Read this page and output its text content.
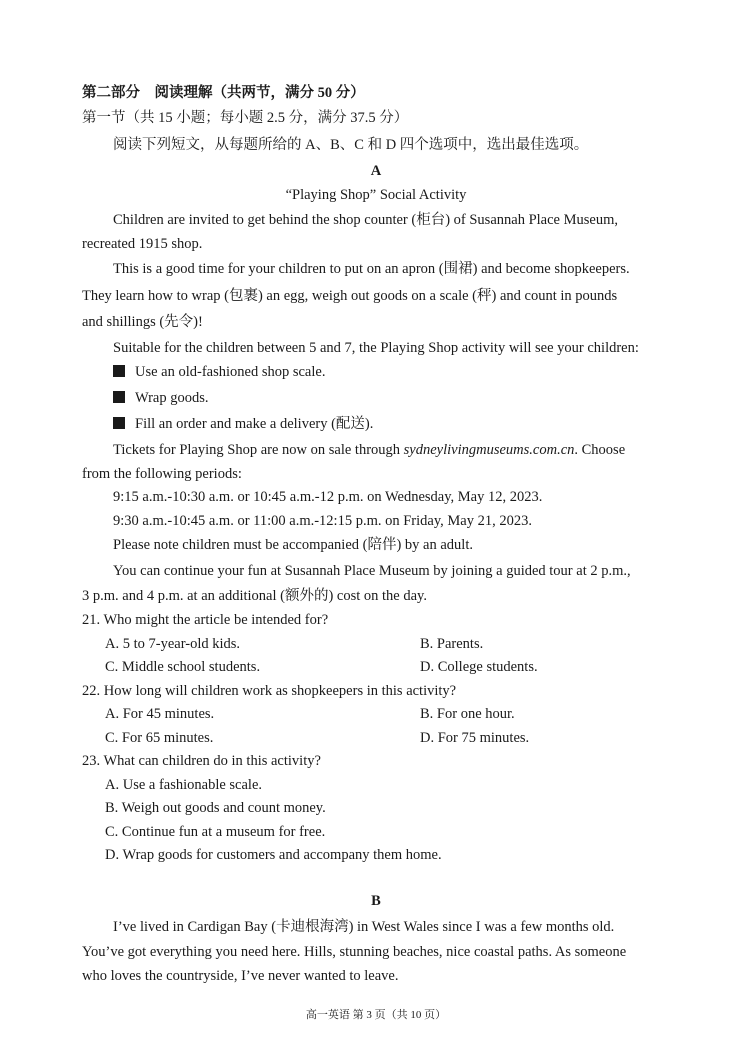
第二部分　阅读理解（共两节，满分 50 分）
第一节（共 15 小题；每小题 2.5 分，满分 37.5 分）
阅读下列短文，从每题所给的 A、B、C 和 D 四个选项中，选出最佳选项。
A
“Playing Shop” Social Activity
Children are invited to get behind the shop counter (柜台) of Susannah Place Museum,
recreated 1915 shop.
This is a good time for your children to put on an apron (围裙) and become shopkeepers.
They learn how to wrap (包裹) an egg, weigh out goods on a scale (秤) and count in pounds
and shillings (先令)!
Suitable for the children between 5 and 7, the Playing Shop activity will see your children:
Use an old-fashioned shop scale.
Wrap goods.
Fill an order and make a delivery (配送).
Tickets for Playing Shop are now on sale through sydneylivingmuseums.com.cn. Choose
from the following periods:
9:15 a.m.-10:30 a.m. or 10:45 a.m.-12 p.m. on Wednesday, May 12, 2023.
9:30 a.m.-10:45 a.m. or 11:00 a.m.-12:15 p.m. on Friday, May 21, 2023.
Please note children must be accompanied (陪伴) by an adult.
You can continue your fun at Susannah Place Museum by joining a guided tour at 2 p.m.,
3 p.m. and 4 p.m. at an additional (额外的) cost on the day.
21. Who might the article be intended for?
A. 5 to 7-year-old kids.	B. Parents.
C. Middle school students.	D. College students.
22. How long will children work as shopkeepers in this activity?
A. For 45 minutes.	B. For one hour.
C. For 65 minutes.	D. For 75 minutes.
23. What can children do in this activity?
A. Use a fashionable scale.
B. Weigh out goods and count money.
C. Continue fun at a museum for free.
D. Wrap goods for customers and accompany them home.
B
I’ve lived in Cardigan Bay (卡迪根海湾) in West Wales since I was a few months old.
You’ve got everything you need here. Hills, stunning beaches, nice coastal paths. As someone
who loves the countryside, I’ve never wanted to leave.
高一英语 第 3 页（共 10 页）
